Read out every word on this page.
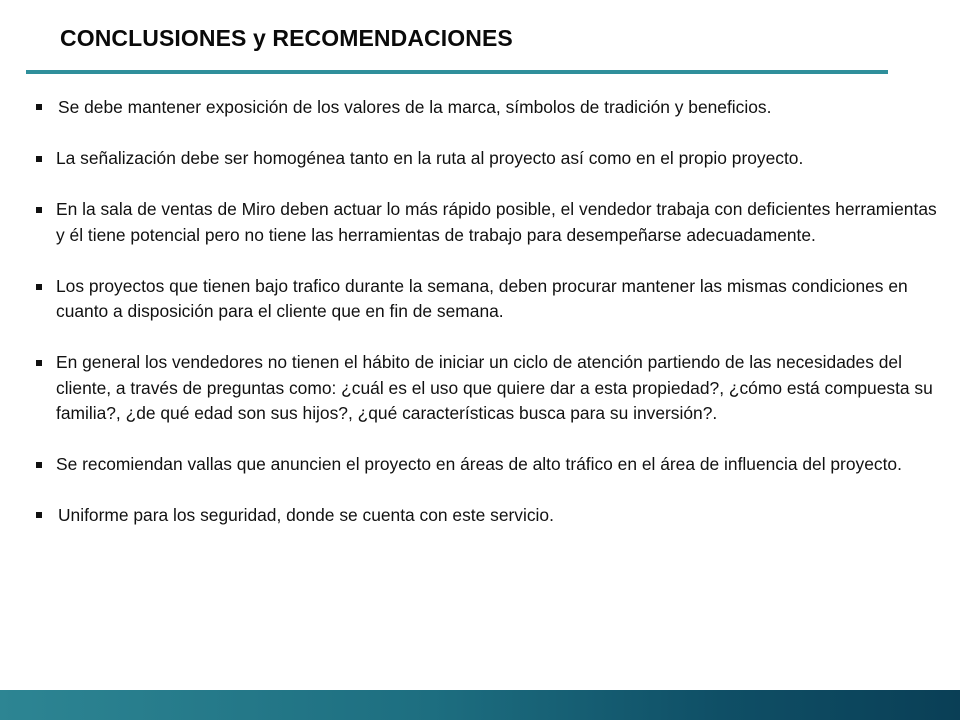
CONCLUSIONES y RECOMENDACIONES
Se debe mantener exposición de los valores de la marca, símbolos de tradición y beneficios.
La señalización debe ser homogénea tanto en la ruta al proyecto así como en el propio proyecto.
En la sala de ventas de Miro deben actuar lo más rápido posible, el vendedor trabaja con deficientes herramientas y él tiene potencial pero no tiene las herramientas de trabajo para desempeñarse adecuadamente.
Los proyectos que tienen bajo trafico durante la semana, deben procurar mantener las mismas condiciones en cuanto a disposición para el cliente que en fin de semana.
En general los vendedores no tienen el hábito de iniciar un ciclo de atención partiendo de las necesidades del cliente, a través de preguntas como: ¿cuál es el uso que quiere dar a esta propiedad?, ¿cómo está compuesta su familia?, ¿de qué edad son sus hijos?, ¿qué características busca para su inversión?.
Se recomiendan vallas que anuncien el proyecto en áreas de alto tráfico en el área de influencia del proyecto.
Uniforme para los seguridad, donde se cuenta con este servicio.
